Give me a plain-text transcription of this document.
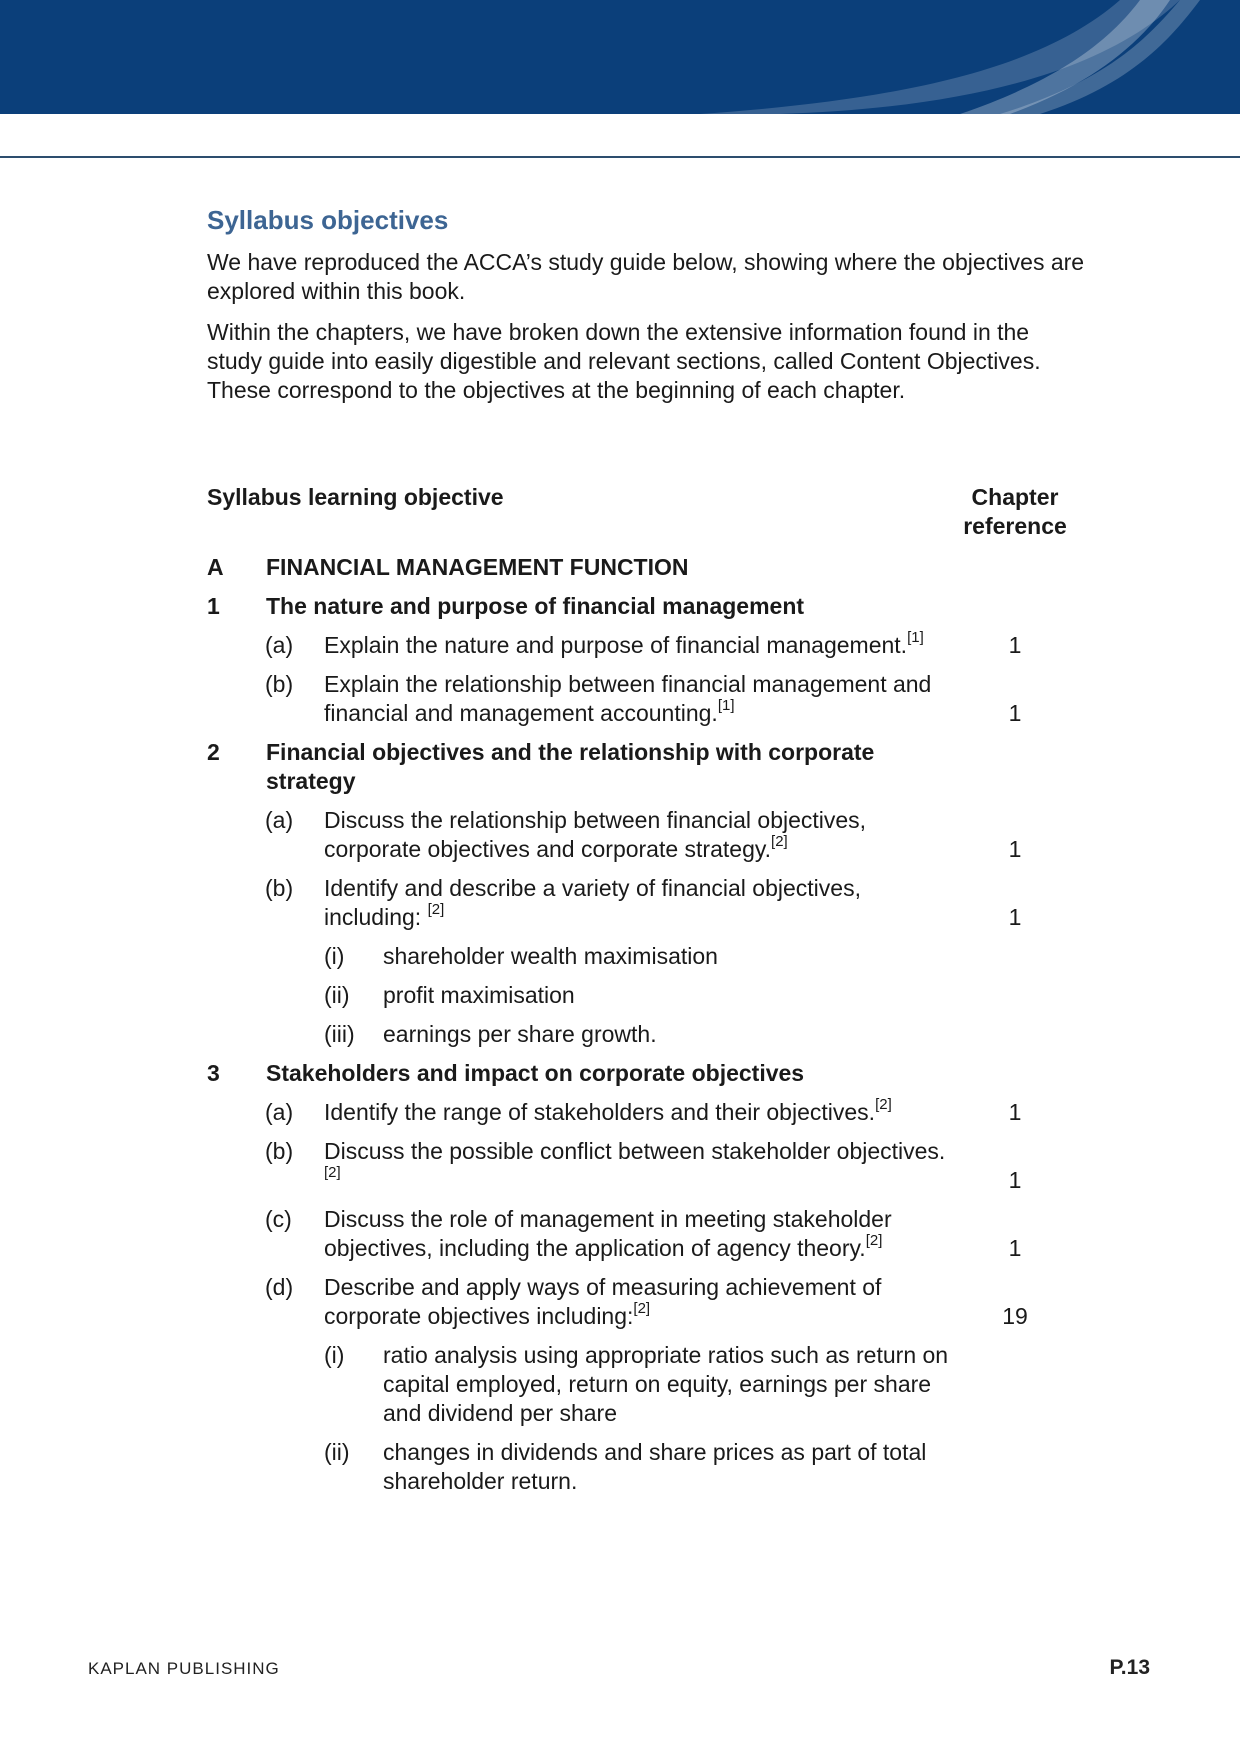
Syllabus objectives

We have reproduced the ACCA’s study guide below, showing where the objectives are explored within this book.

Within the chapters, we have broken down the extensive information found in the study guide into easily digestible and relevant sections, called Content Objectives. These correspond to the objectives at the beginning of each chapter.

Syllabus learning objective	Chapter
reference
A FINANCIAL MANAGEMENT FUNCTION
1 The nature and purpose of financial management
(a) Explain the nature and purpose of financial management.[1]	1
(b) Explain the relationship between financial management and financial and management accounting.[1]	1
2 Financial objectives and the relationship with corporate strategy
(a) Discuss the relationship between financial objectives, corporate objectives and corporate strategy.[2]	1
(b) Identify and describe a variety of financial objectives, including: [2]	1
(i) shareholder wealth maximisation
(ii) profit maximisation
(iii) earnings per share growth.
3 Stakeholders and impact on corporate objectives
(a) Identify the range of stakeholders and their objectives.[2]	1
(b) Discuss the possible conflict between stakeholder objectives.[2]	1
(c) Discuss the role of management in meeting stakeholder objectives, including the application of agency theory.[2]	1
(d) Describe and apply ways of measuring achievement of corporate objectives including:[2]	19
(i) ratio analysis using appropriate ratios such as return on capital employed, return on equity, earnings per share and dividend per share
(ii) changes in dividends and share prices as part of total shareholder return.
KAPLAN PUBLISHING	P.13
